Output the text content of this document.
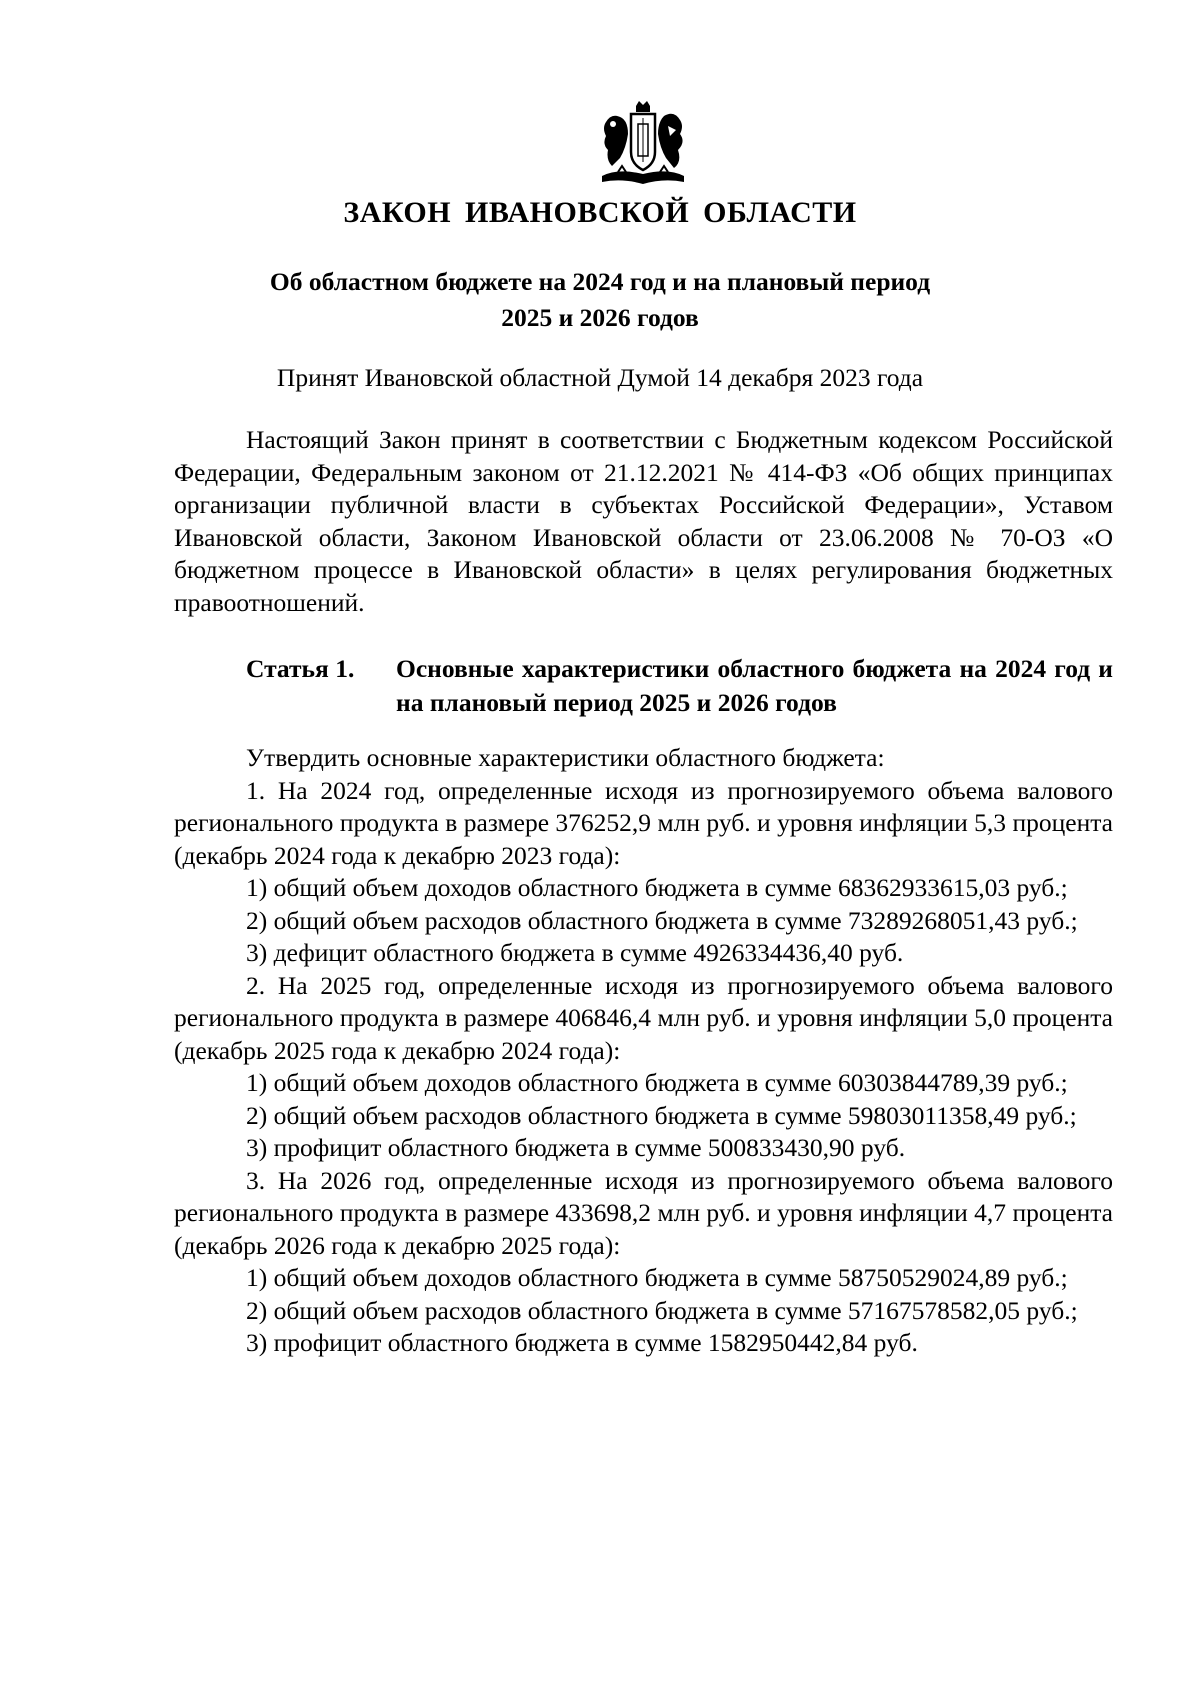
ЗАКОН ИВАНОВСКОЙ ОБЛАСТИ
Об областном бюджете на 2024 год и на плановый период
2025 и 2026 годов
Принят Ивановской областной Думой 14 декабря 2023 года
Настоящий Закон принят в соответствии с Бюджетным кодексом Российской Федерации, Федеральным законом от 21.12.2021 № 414-ФЗ «Об общих принципах организации публичной власти в субъектах Российской Федерации», Уставом Ивановской области, Законом Ивановской области от 23.06.2008 № 70-ОЗ «О бюджетном процессе в Ивановской области» в целях регулирования бюджетных правоотношений.
Статья 1.	Основные характеристики областного бюджета на 2024 год и на плановый период 2025 и 2026 годов

Утвердить основные характеристики областного бюджета:

1. На 2024 год, определенные исходя из прогнозируемого объема валового регионального продукта в размере 376252,9 млн руб. и уровня инфляции 5,3 процента (декабрь 2024 года к декабрю 2023 года):

1) общий объем доходов областного бюджета в сумме 68362933615,03 руб.;

2) общий объем расходов областного бюджета в сумме 73289268051,43 руб.;

3) дефицит областного бюджета в сумме 4926334436,40 руб.

2. На 2025 год, определенные исходя из прогнозируемого объема валового регионального продукта в размере 406846,4 млн руб. и уровня инфляции 5,0 процента (декабрь 2025 года к декабрю 2024 года):

1) общий объем доходов областного бюджета в сумме 60303844789,39 руб.;

2) общий объем расходов областного бюджета в сумме 59803011358,49 руб.;

3) профицит областного бюджета в сумме 500833430,90 руб.

3. На 2026 год, определенные исходя из прогнозируемого объема валового регионального продукта в размере 433698,2 млн руб. и уровня инфляции 4,7 процента (декабрь 2026 года к декабрю 2025 года):

1) общий объем доходов областного бюджета в сумме 58750529024,89 руб.;

2) общий объем расходов областного бюджета в сумме 57167578582,05 руб.;

3) профицит областного бюджета в сумме 1582950442,84 руб.
